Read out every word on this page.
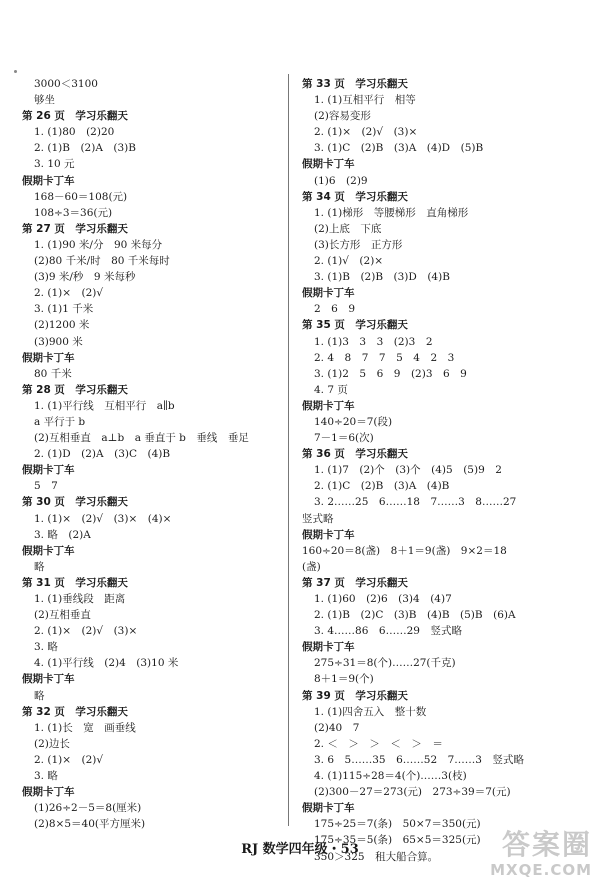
3000＜3100
够坐
第 26 页　学习乐翻天
1. (1)80　(2)20
2. (1)B　(2)A　(3)B
3. 10 元
假期卡丁车
168－60＝108(元)
108÷3＝36(元)
第 27 页　学习乐翻天
1. (1)90 米/分　90 米每分
(2)80 千米/时　80 千米每时
(3)9 米/秒　9 米每秒
2. (1)×　(2)√
3. (1)1 千米
(2)1200 米
(3)900 米
假期卡丁车
80 千米
第 28 页　学习乐翻天
1. (1)平行线　互相平行　a∥b
a 平行于 b
(2)互相垂直　a⊥b　a 垂直于 b　垂线　垂足
2. (1)D　(2)A　(3)C　(4)B
假期卡丁车
5　7
第 30 页　学习乐翻天
1. (1)×　(2)√　(3)×　(4)×
3. 略　(2)A
假期卡丁车
略
第 31 页　学习乐翻天
1. (1)垂线段　距离
(2)互相垂直
2. (1)×　(2)√　(3)×
3. 略
4. (1)平行线　(2)4　(3)10 米
假期卡丁车
略
第 32 页　学习乐翻天
1. (1)长　宽　画垂线
(2)边长
2. (1)×　(2)√
3. 略
假期卡丁车
(1)26÷2－5＝8(厘米)
(2)8×5＝40(平方厘米)
第 33 页　学习乐翻天
1. (1)互相平行　相等
(2)容易变形
2. (1)×　(2)√　(3)×
3. (1)C　(2)B　(3)A　(4)D　(5)B
假期卡丁车
(1)6　(2)9
第 34 页　学习乐翻天
1. (1)梯形　等腰梯形　直角梯形
(2)上底　下底
(3)长方形　正方形
2. (1)√　(2)×
3. (1)B　(2)B　(3)D　(4)B
假期卡丁车
2　6　9
第 35 页　学习乐翻天
1. (1)3　3　3　(2)3　2
2. 4　8　7　7　5　4　2　3
3. (1)2　5　6　9　(2)3　6　9
4. 7 页
假期卡丁车
140÷20＝7(段)
7－1＝6(次)
第 36 页　学习乐翻天
1. (1)7　(2)个　(3)个　(4)5　(5)9　2
2. (1)C　(2)B　(3)A　(4)B
3. 2……25　6……18　7……3　8……27
竖式略
假期卡丁车
160÷20＝8(盏)　8＋1＝9(盏)　9×2＝18
(盏)
第 37 页　学习乐翻天
1. (1)60　(2)6　(3)4　(4)7
2. (1)B　(2)C　(3)B　(4)B　(5)B　(6)A
3. 4……86　6……29　竖式略
假期卡丁车
275÷31＝8(个)……27(千克)
8＋1＝9(个)
第 39 页　学习乐翻天
1. (1)四舍五入　整十数
(2)40　7
2. ＜　＞　＞　＜　＞　＝
3. 6　5……35　6……52　7……3　竖式略
4. (1)115÷28＝4(个)……3(枝)
(2)300－27＝273(元)　273÷39＝7(元)
假期卡丁车
175÷25＝7(条)　50×7＝350(元)
175÷35＝5(条)　65×5＝325(元)
350＞325　租大船合算。
RJ 数学四年级・53	答案圈
MXQE.COM
